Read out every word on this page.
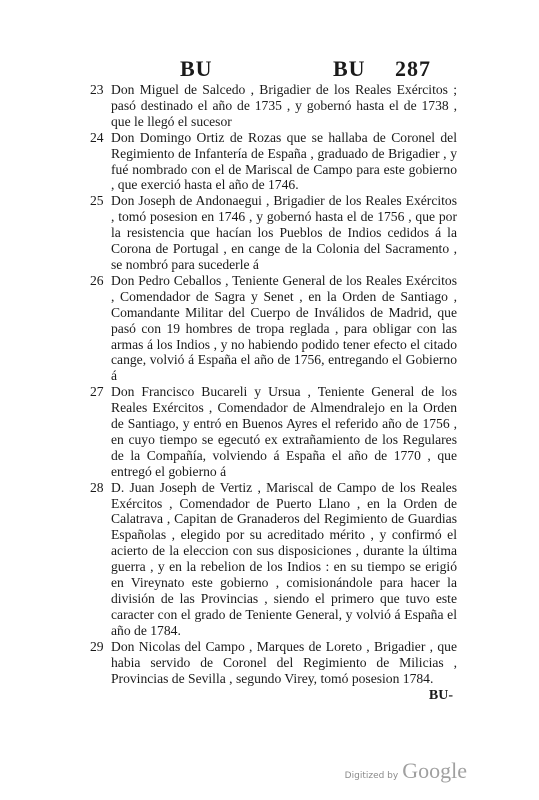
BU	BU 287
23 Don Miguel de Salcedo , Brigadier de los Reales Exércitos ; pasó destinado el año de 1735 , y gobernó hasta el de 1738 , que le llegó el sucesor
24 Don Domingo Ortiz de Rozas que se hallaba de Coronel del Regimiento de Infantería de España , graduado de Brigadier , y fué nombrado con el de Mariscal de Campo para este gobierno , que exerció hasta el año de 1746.
25 Don Joseph de Andonaegui , Brigadier de los Reales Exércitos , tomó posesion en 1746 , y gobernó hasta el de 1756 , que por la resistencia que hacían los Pueblos de Indios cedidos á la Corona de Portugal , en cange de la Colonia del Sacramento , se nombró para sucederle á
26 Don Pedro Ceballos , Teniente General de los Reales Exércitos , Comendador de Sagra y Senet , en la Orden de Santiago , Comandante Militar del Cuerpo de Inválidos de Madrid, que pasó con 19 hombres de tropa reglada , para obligar con las armas á los Indios , y no habiendo podido tener efecto el citado cange, volvió á España el año de 1756, entregando el Gobierno á
27 Don Francisco Bucareli y Ursua , Teniente General de los Reales Exércitos , Comendador de Almendralejo en la Orden de Santiago, y entró en Buenos Ayres el referido año de 1756 , en cuyo tiempo se egecutó ex extrañamiento de los Regulares de la Compañía, volviendo á España el año de 1770 , que entregó el gobierno á
28 D. Juan Joseph de Vertiz , Mariscal de Campo de los Reales Exércitos , Comendador de Puerto Llano , en la Orden de Calatrava , Capitan de Granaderos del Regimiento de Guardias Españolas , elegido por su acreditado mérito , y confirmó el acierto de la eleccion con sus disposiciones , durante la última guerra , y en la rebelion de los Indios : en su tiempo se erigió en Vireynato este gobierno , comisionándole para hacer la división de las Provincias , siendo el primero que tuvo este caracter con el grado de Teniente General, y volvió á España el año de 1784.
29 Don Nicolas del Campo , Marques de Loreto , Brigadier , que habia servido de Coronel del Regimiento de Milicias , Provincias de Sevilla , segundo Virey, tomó posesion 1784.
BU-
Digitized by Google
